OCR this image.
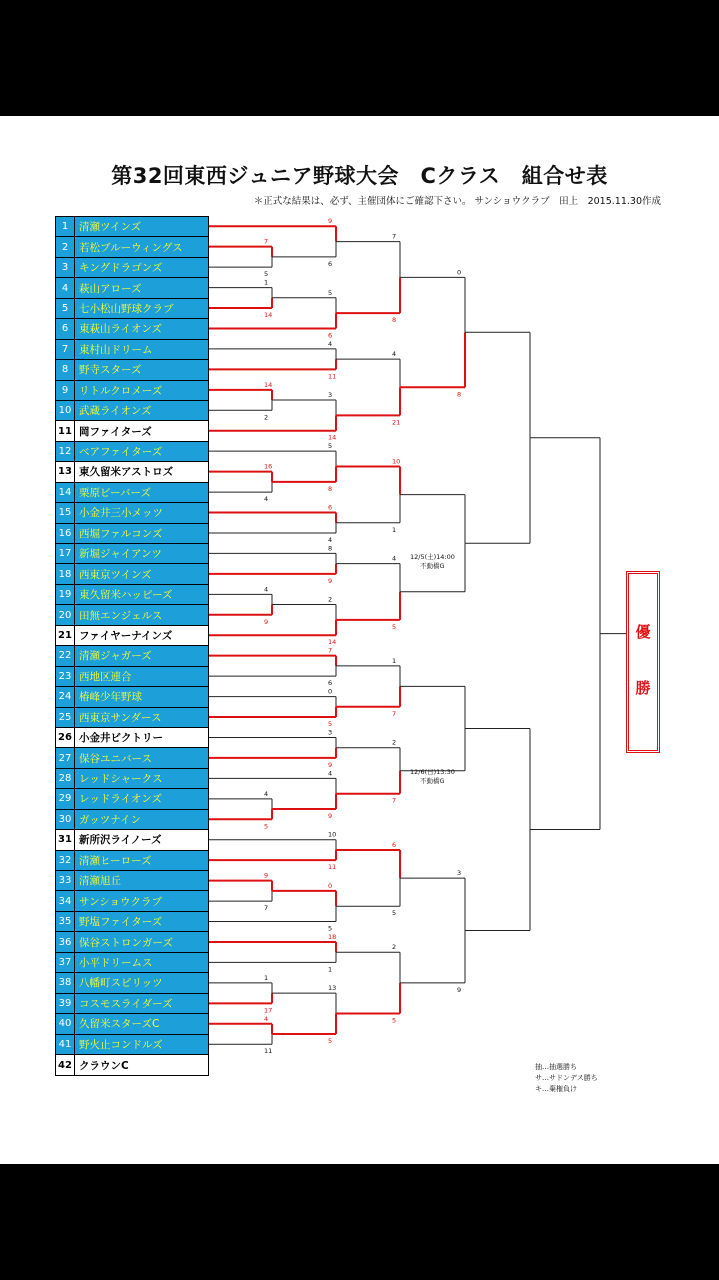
第32回東西ジュニア野球大会　Cクラス　組合せ表
＊正式な結果は、必ず、主催団体にご確認下さい。 サンショウクラブ　田上　2015.11.30作成
7
5
1
14
14
2
16
4
4
9
4
5
9
7
1
17
4
11
9
6
5
6
4
11
3
14
5
8
6
4
8
9
2
14
7
6
0
5
3
9
4
9
10
11
0
5
18
1
13
5
7
8
4
21
10
1
4
5
1
7
2
7
6
5
2
5
0
8
3
9
1	清瀬ツインズ
2	若松ブルーウィングス
3	キングドラゴンズ
4	萩山アローズ
5	七小松山野球クラブ
6	東萩山ライオンズ
7	東村山ドリーム
8	野寺スターズ
9	リトルクロメーズ
10 武蔵ライオンズ
11 岡ファイターズ
12 ベアファイターズ
13 東久留米アストロズ
14 栗原ビーバーズ
15 小金井三小メッツ
16 西堀ファルコンズ
17 新堀ジャイアンツ
18 西東京ツインズ
19 東久留米ハッピーズ
20 田無エンジェルス
21 ファイヤーナインズ
22 清瀬ジャガーズ
23 西地区連合
24 椿峰少年野球
25 西東京サンダース
26 小金井ビクトリー
27 保谷ユニバース
28 レッドシャークス
29 レッドライオンズ
30 ガッツナイン
31 新所沢ライノーズ
32 清瀬ヒーローズ
33 清瀬旭丘
34 サンショウクラブ
35 野塩ファイターズ
36 保谷ストロンガーズ
37 小平ドリームス
38 八幡町スピリッツ
39 コスモスライダーズ
40 久留米スターズC
41 野火止コンドルズ
42 クラウンC
12/5(土)14:00
不動橋G
12/6(日)13:30
不動橋G
優
勝
抽…抽選勝ち
サ…サドンデス勝ち
キ…棄権負け
